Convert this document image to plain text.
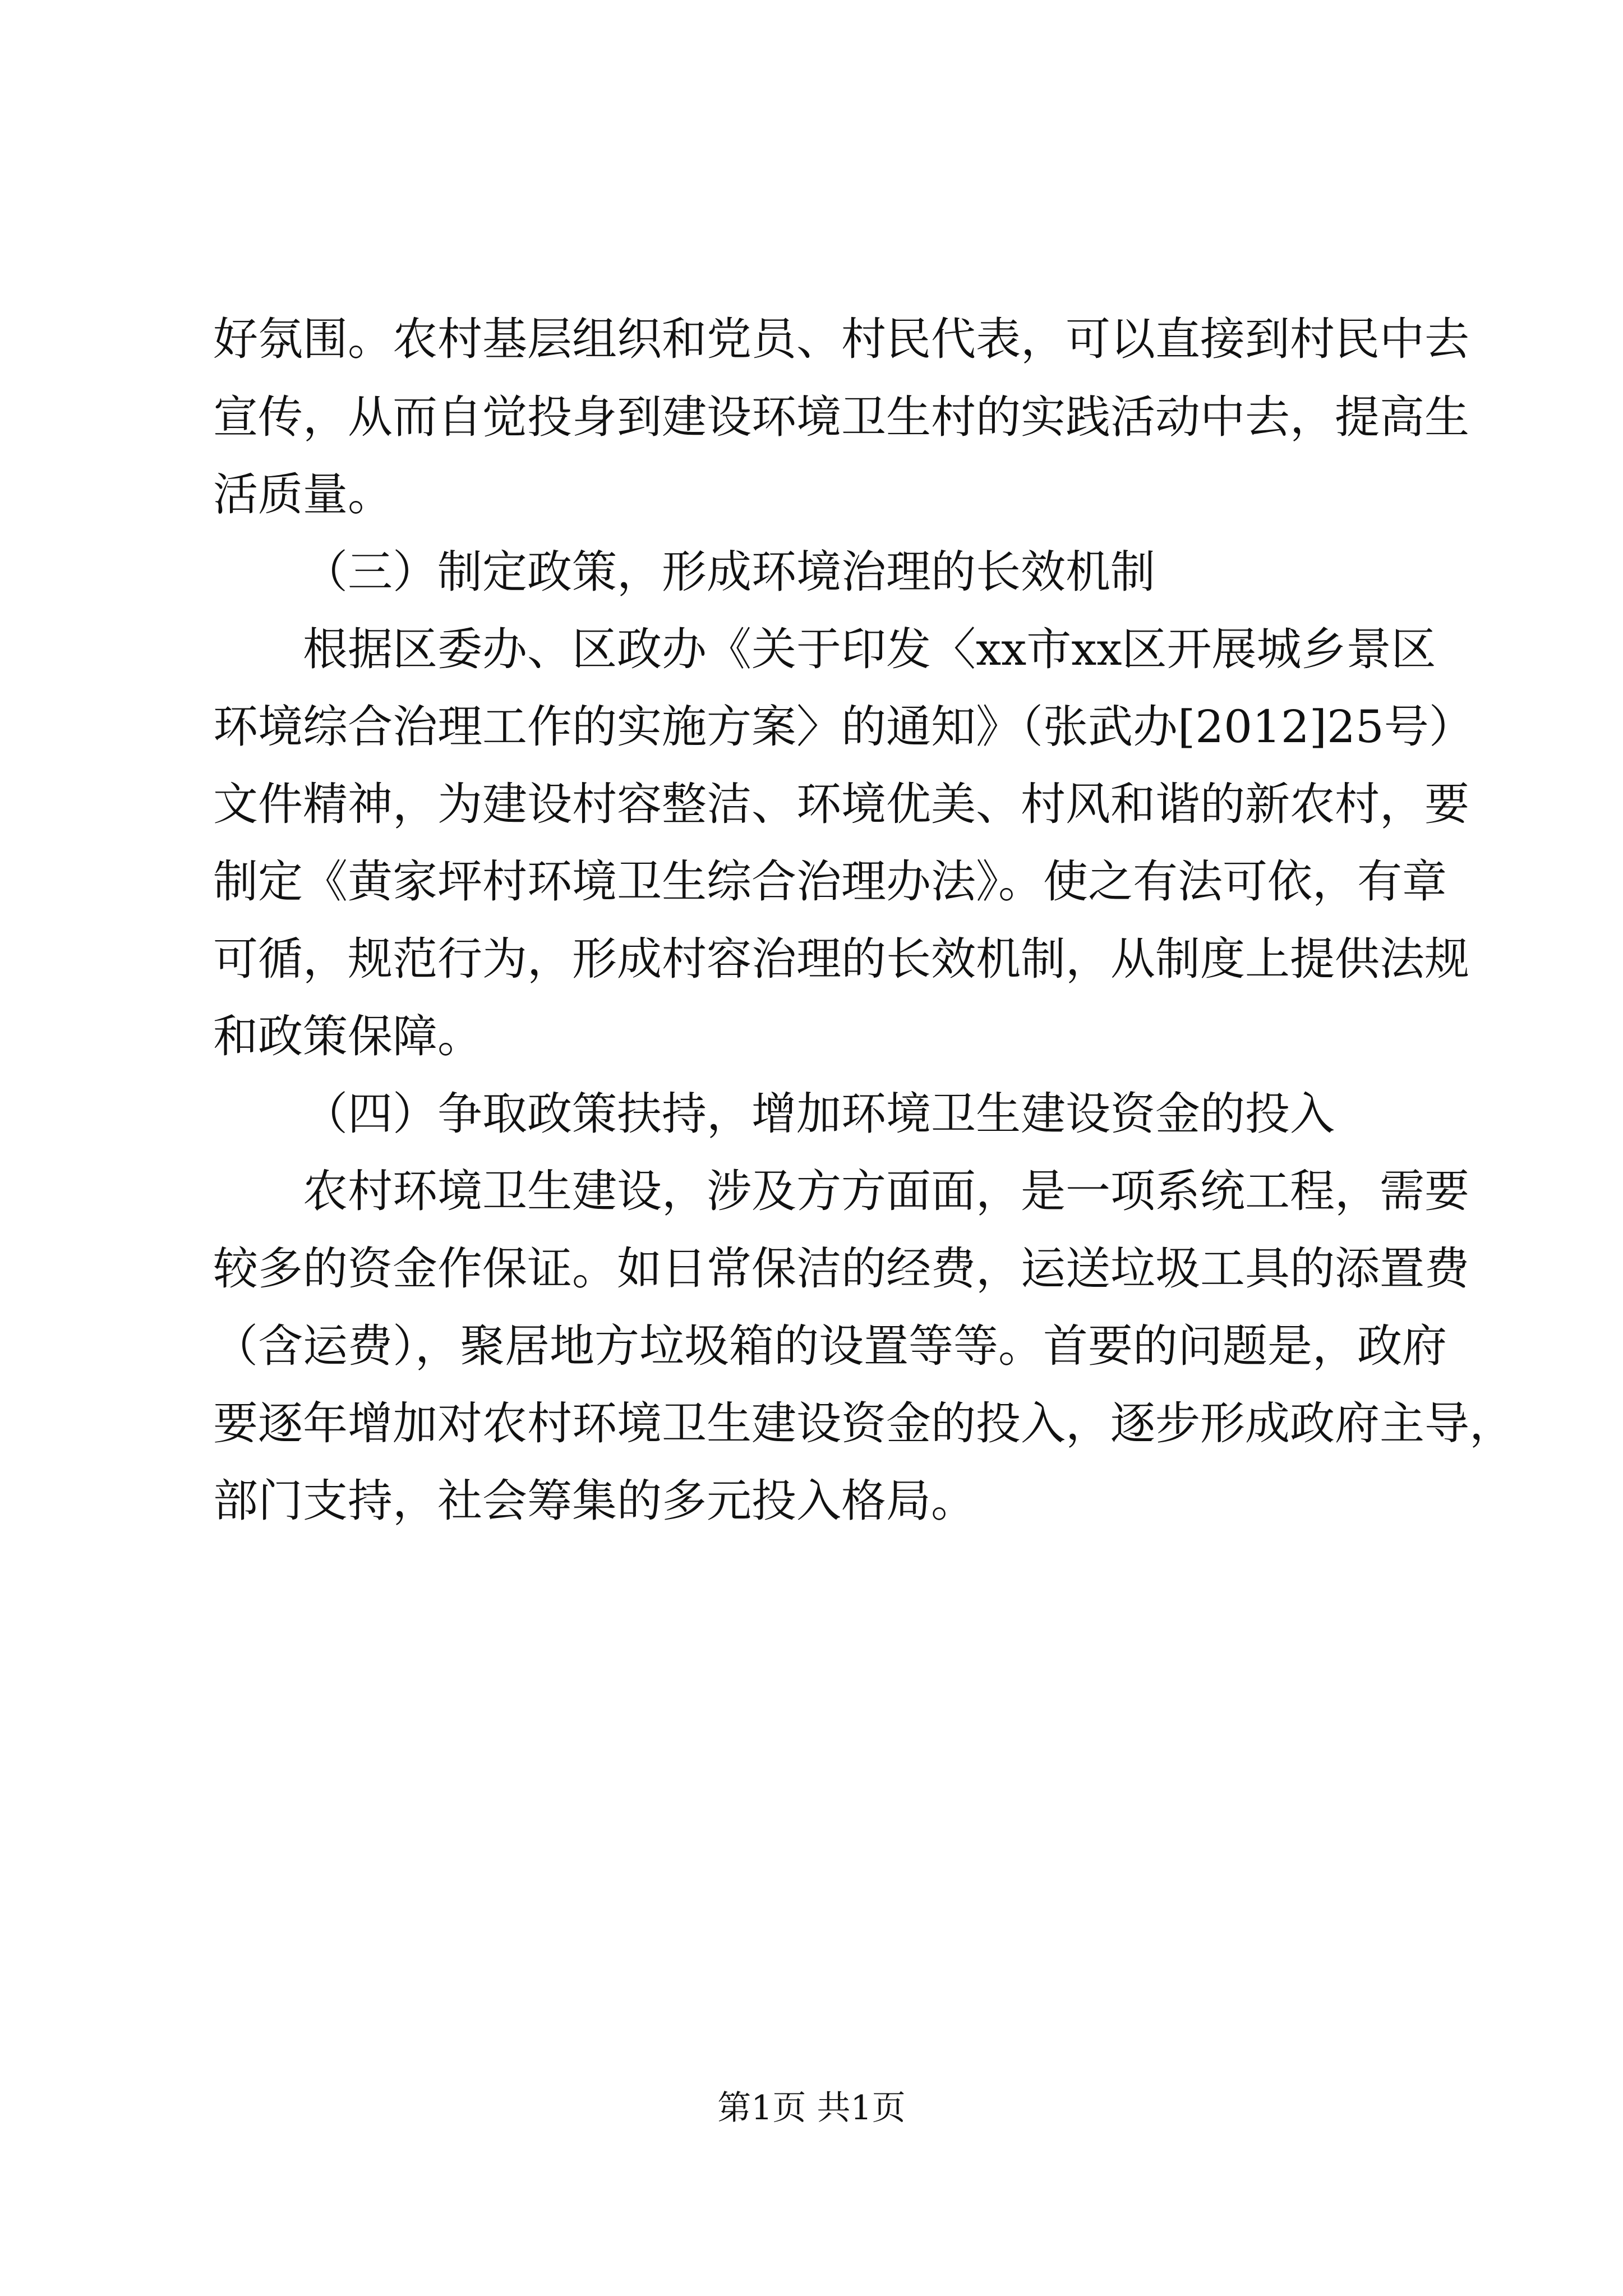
好氛围。农村基层组织和党员、村民代表，可以直接到村民中去
宣传，从而自觉投身到建设环境卫生村的实践活动中去，提高生
活质量。
（三）制定政策，形成环境治理的长效机制
根据区委办、区政办《关于印发〈xx市xx区开展城乡景区
环境综合治理工作的实施方案〉的通知》（张武办[2012]25号）
文件精神，为建设村容整洁、环境优美、村风和谐的新农村，要
制定《黄家坪村环境卫生综合治理办法》。使之有法可依，有章
可循，规范行为，形成村容治理的长效机制，从制度上提供法规
和政策保障。
（四）争取政策扶持，增加环境卫生建设资金的投入
农村环境卫生建设，涉及方方面面，是一项系统工程，需要
较多的资金作保证。如日常保洁的经费，运送垃圾工具的添置费
（含运费），聚居地方垃圾箱的设置等等。首要的问题是，政府
要逐年增加对农村环境卫生建设资金的投入，逐步形成政府主导，
部门支持，社会筹集的多元投入格局。
第1页 共1页
